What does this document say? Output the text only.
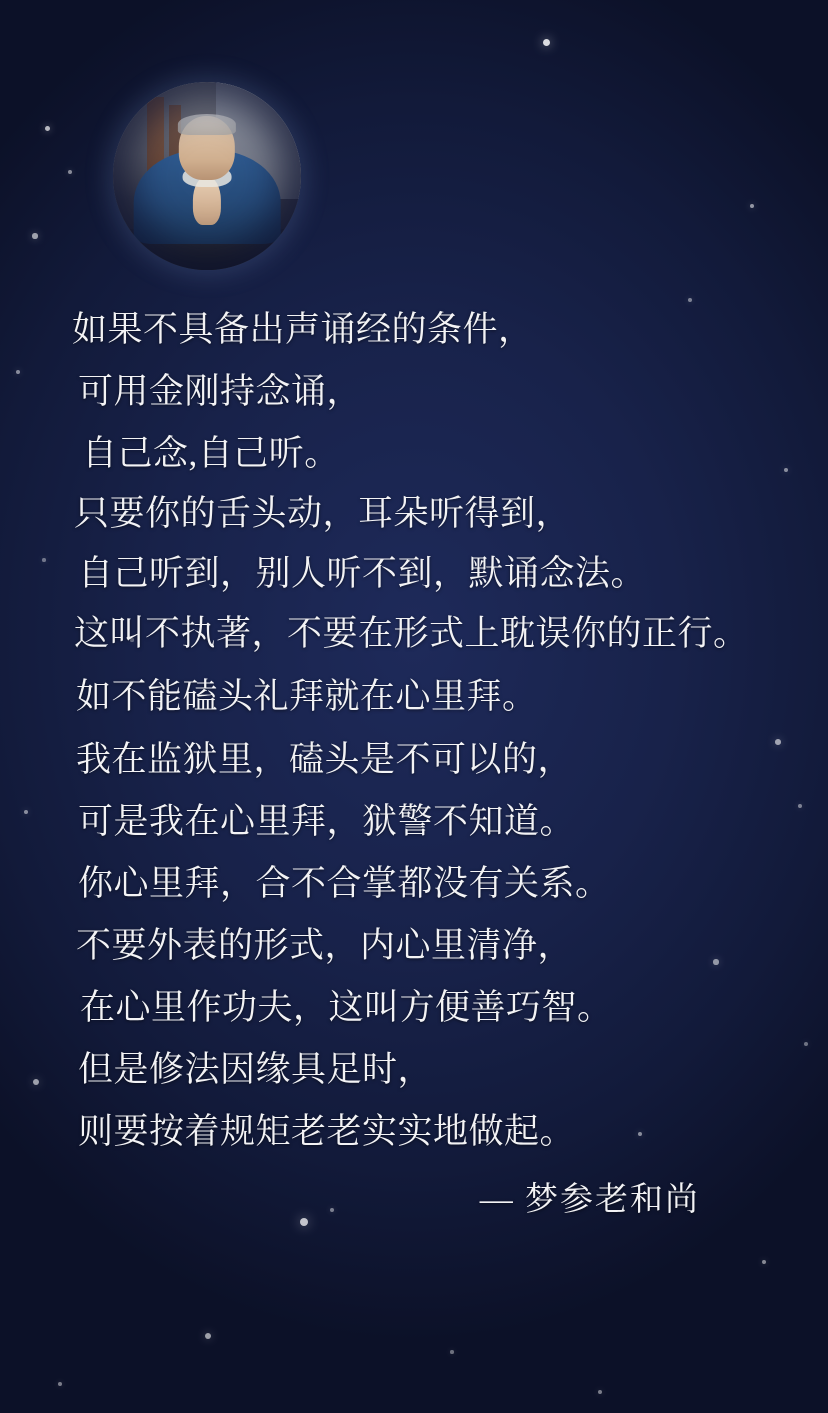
如果不具备出声诵经的条件，
可用金刚持念诵，
自己念,自己听。
只要你的舌头动，耳朵听得到，
自己听到，别人听不到，默诵念法。
这叫不执著，不要在形式上耽误你的正行。
如不能磕头礼拜就在心里拜。
我在监狱里，磕头是不可以的，
可是我在心里拜，狱警不知道。
你心里拜，合不合掌都没有关系。
不要外表的形式，内心里清净，
在心里作功夫，这叫方便善巧智。
但是修法因缘具足时，
则要按着规矩老老实实地做起。
— 梦参老和尚
